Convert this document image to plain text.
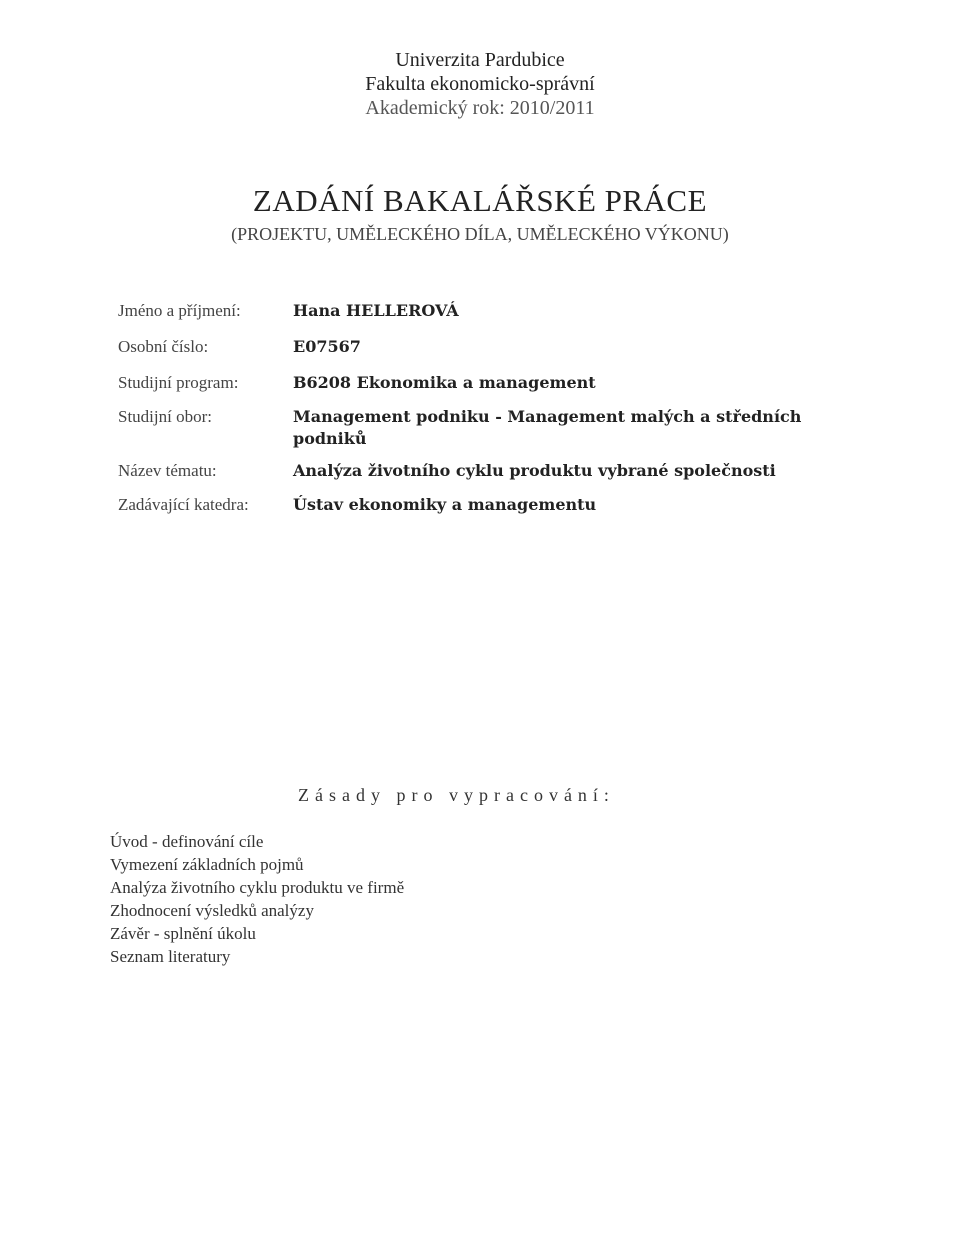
Univerzita Pardubice
Fakulta ekonomicko-správní
Akademický rok: 2010/2011
ZADÁNÍ BAKALÁŘSKÉ PRÁCE
(PROJEKTU, UMĚLECKÉHO DÍLA, UMĚLECKÉHO VÝKONU)
Jméno a příjmení:	Hana HELLEROVÁ
Osobní číslo:	E07567
Studijní program:	B6208 Ekonomika a management
Studijní obor:	Management podniku - Management malých a středních podniků
Název tématu:	Analýza životního cyklu produktu vybrané společnosti
Zadávající katedra:	Ústav ekonomiky a managementu
Zásady pro vypracování:
Úvod - definování cíle
Vymezení základních pojmů
Analýza životního cyklu produktu ve firmě
Zhodnocení výsledků analýzy
Závěr - splnění úkolu
Seznam literatury
